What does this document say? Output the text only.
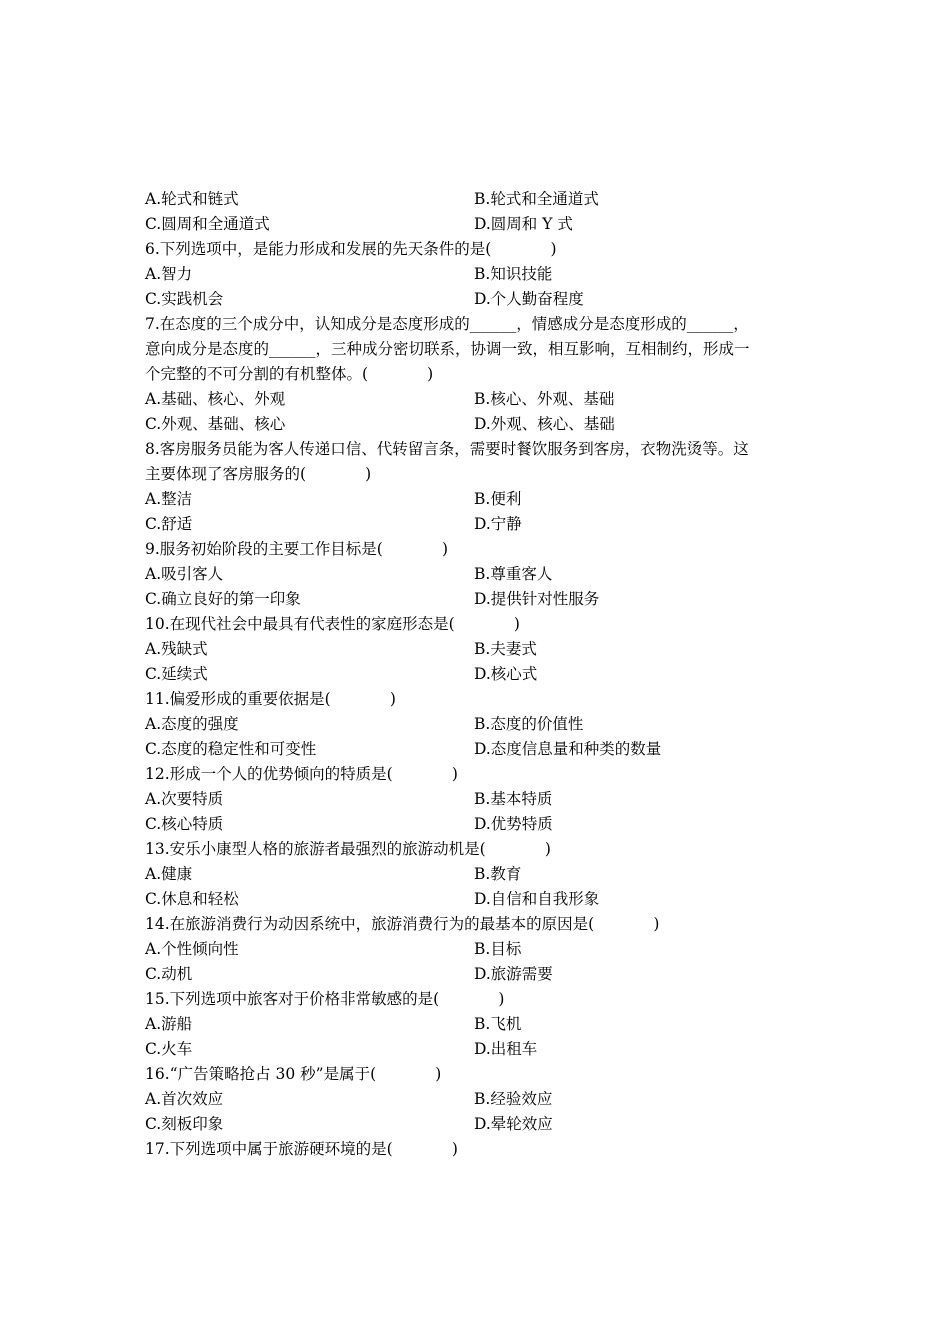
A.轮式和链式	B.轮式和全通道式
C.圆周和全通道式	D.圆周和 Y 式
6.下列选项中，是能力形成和发展的先天条件的是(            )
A.智力	B.知识技能
C.实践机会	D.个人勤奋程度
7.在态度的三个成分中，认知成分是态度形成的______，情感成分是态度形成的______，
意向成分是态度的______，三种成分密切联系，协调一致，相互影响，互相制约，形成一
个完整的不可分割的有机整体。(            )
A.基础、核心、外观	B.核心、外观、基础
C.外观、基础、核心	D.外观、核心、基础
8.客房服务员能为客人传递口信、代转留言条，需要时餐饮服务到客房，衣物洗烫等。这
主要体现了客房服务的(            )
A.整洁	B.便利
C.舒适	D.宁静
9.服务初始阶段的主要工作目标是(            )
A.吸引客人	B.尊重客人
C.确立良好的第一印象	D.提供针对性服务
10.在现代社会中最具有代表性的家庭形态是(            )
A.残缺式	B.夫妻式
C.延续式	D.核心式
11.偏爱形成的重要依据是(            )
A.态度的强度	B.态度的价值性
C.态度的稳定性和可变性	D.态度信息量和种类的数量
12.形成一个人的优势倾向的特质是(            )
A.次要特质	B.基本特质
C.核心特质	D.优势特质
13.安乐小康型人格的旅游者最强烈的旅游动机是(            )
A.健康	B.教育
C.休息和轻松	D.自信和自我形象
14.在旅游消费行为动因系统中，旅游消费行为的最基本的原因是(            )
A.个性倾向性	B.目标
C.动机	D.旅游需要
15.下列选项中旅客对于价格非常敏感的是(            )
A.游船	B.飞机
C.火车	D.出租车
16.“广告策略抢占 30 秒”是属于(            )
A.首次效应	B.经验效应
C.刻板印象	D.晕轮效应
17.下列选项中属于旅游硬环境的是(            )
